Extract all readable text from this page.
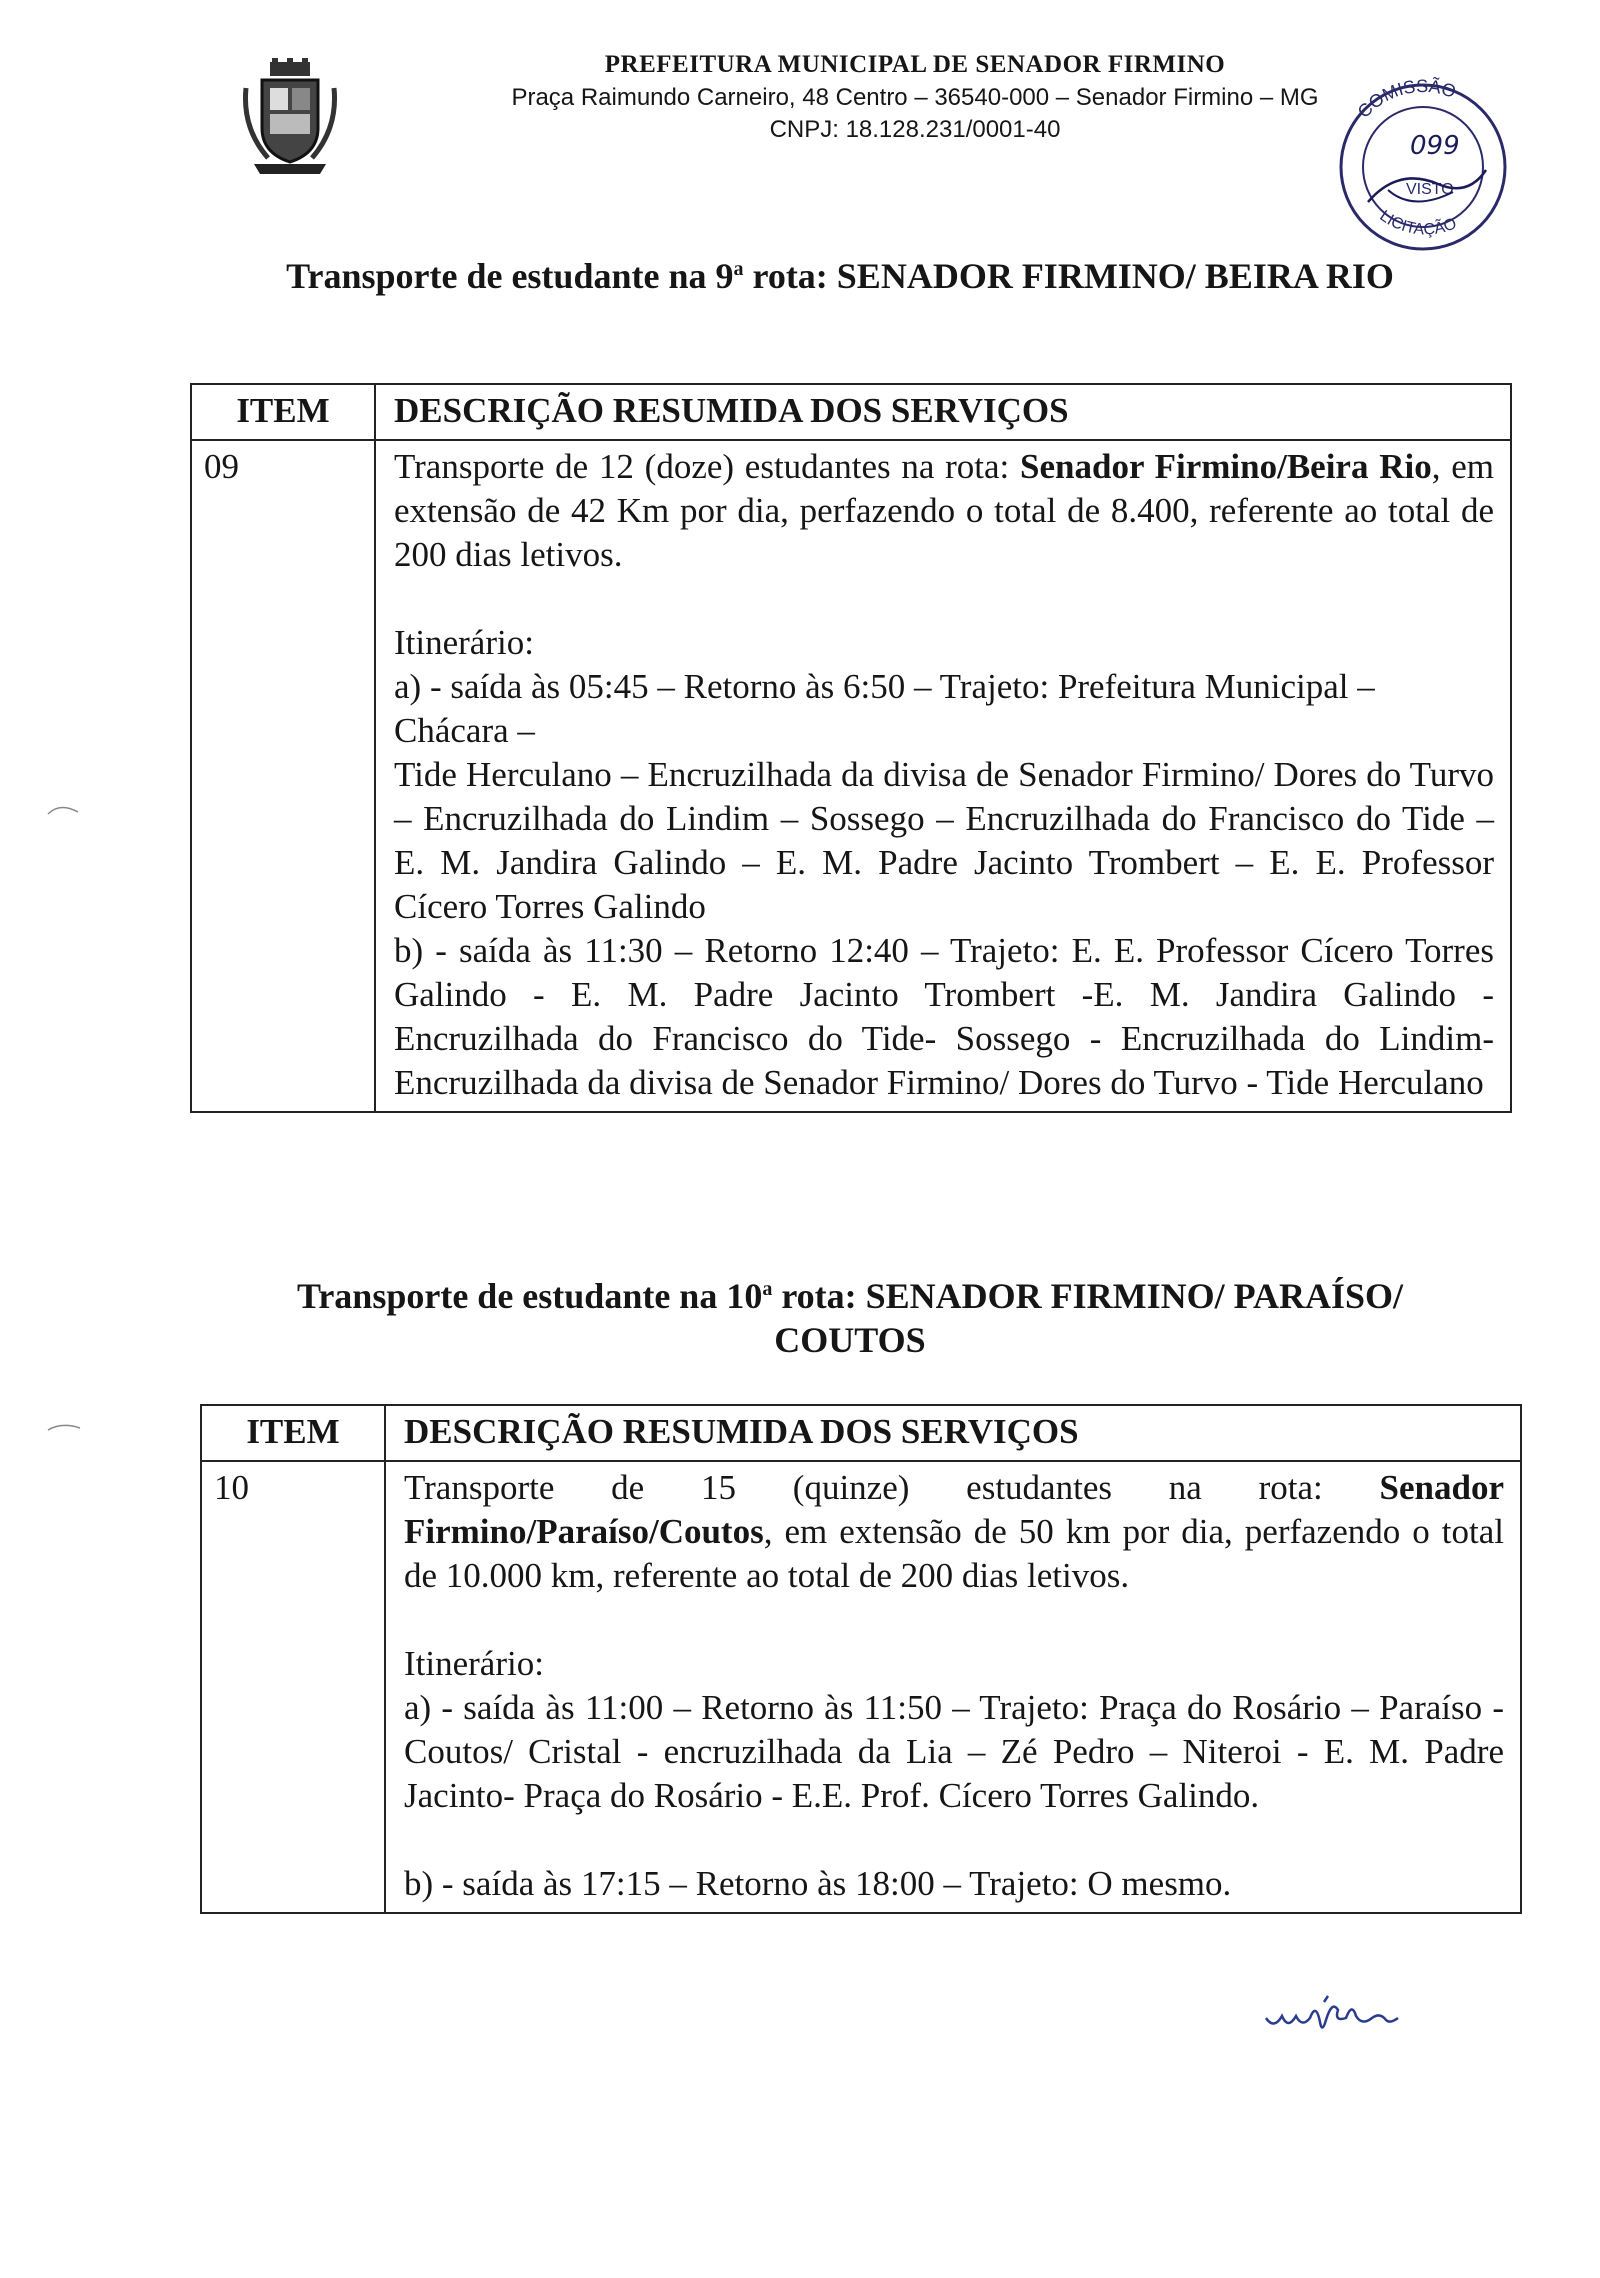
PREFEITURA MUNICIPAL DE SENADOR FIRMINO
Praça Raimundo Carneiro, 48 Centro – 36540-000 – Senador Firmino – MG
CNPJ: 18.128.231/0001-40
COMISSÃO
LICITAÇÃO
099
VISTO
Transporte de estudante na 9$^a$ rota: SENADOR FIRMINO/ BEIRA RIO
ITEM	DESCRIÇÃO RESUMIDA DOS SERVIÇOS
09	Transporte de 12 (doze) estudantes na rota: Senador Firmino/Beira Rio, em extensão de 42 Km por dia, perfazendo o total de 8.400, referente ao total de 200 dias letivos.
Itinerário:
a) - saída às 05:45 – Retorno às 6:50 – Trajeto: Prefeitura Municipal – Chácara –
Tide Herculano – Encruzilhada da divisa de Senador Firmino/ Dores do Turvo – Encruzilhada do Lindim – Sossego – Encruzilhada do Francisco do Tide – E. M. Jandira Galindo – E. M. Padre Jacinto Trombert – E. E. Professor Cícero Torres Galindo
b) - saída às 11:30 – Retorno 12:40 – Trajeto: E. E. Professor Cícero Torres Galindo - E. M. Padre Jacinto Trombert -E. M. Jandira Galindo - Encruzilhada do Francisco do Tide- Sossego - Encruzilhada do Lindim- Encruzilhada da divisa de Senador Firmino/ Dores do Turvo - Tide Herculano
Transporte de estudante na 10$^a$ rota: SENADOR FIRMINO/ PARAÍSO/
COUTOS
ITEM	DESCRIÇÃO RESUMIDA DOS SERVIÇOS
10	Transporte de 15 (quinze) estudantes na rota: Senador Firmino/Paraíso/Coutos, em extensão de 50 km por dia, perfazendo o total de 10.000 km, referente ao total de 200 dias letivos.
Itinerário:
a) - saída às 11:00 – Retorno às 11:50 – Trajeto: Praça do Rosário – Paraíso - Coutos/ Cristal - encruzilhada da Lia – Zé Pedro – Niteroi - E. M. Padre Jacinto- Praça do Rosário - E.E. Prof. Cícero Torres Galindo.
b) - saída às 17:15 – Retorno às 18:00 – Trajeto: O mesmo.
